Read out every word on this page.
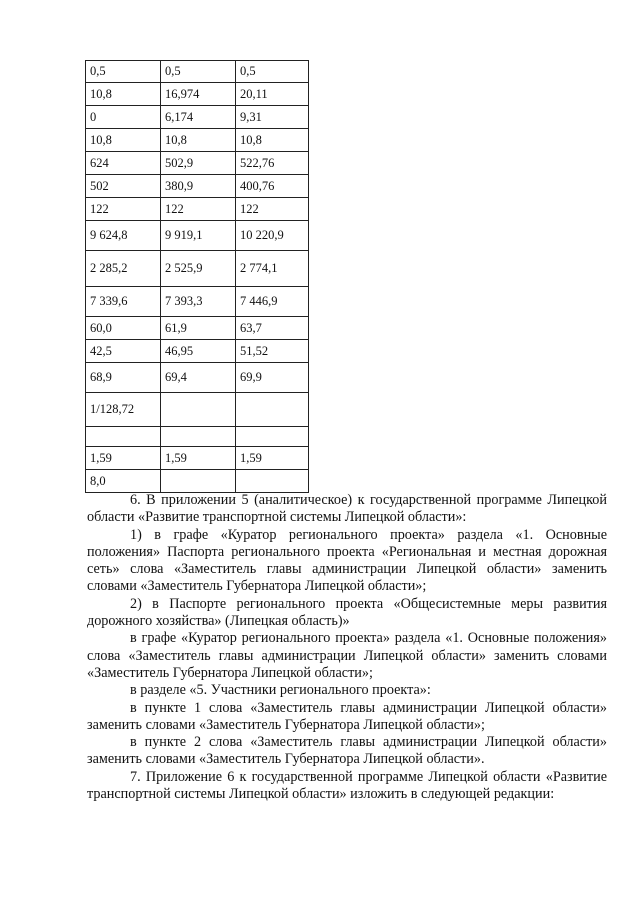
0,5	0,5	0,5
10,8	16,974	20,11
0	6,174	9,31
10,8	10,8	10,8
624	502,9	522,76
502	380,9	400,76
122	122	122
9 624,8	9 919,1	10 220,9
2 285,2	2 525,9	2 774,1
7 339,6	7 393,3	7 446,9
60,0	61,9	63,7
42,5	46,95	51,52
68,9	69,4	69,9
1/128,72		

1,59	1,59	1,59
8,0		

6. В приложении 5 (аналитическое) к государственной программе Липецкой области «Развитие транспортной системы Липецкой области»:

1) в графе «Куратор регионального проекта» раздела «1. Основные положения» Паспорта регионального проекта «Региональная и местная дорожная сеть» слова «Заместитель главы администрации Липецкой области» заменить словами «Заместитель Губернатора Липецкой области»;

2) в Паспорте регионального проекта «Общесистемные меры развития дорожного хозяйства» (Липецкая область)»

в графе «Куратор регионального проекта» раздела «1. Основные положения» слова «Заместитель главы администрации Липецкой области» заменить словами «Заместитель Губернатора Липецкой области»;

в разделе «5. Участники регионального проекта»:

в пункте 1 слова «Заместитель главы администрации Липецкой области» заменить словами «Заместитель Губернатора Липецкой области»;

в пункте 2 слова «Заместитель главы администрации Липецкой области» заменить словами «Заместитель Губернатора Липецкой области».

7. Приложение 6 к государственной программе Липецкой области «Развитие транспортной системы Липецкой области» изложить в следующей редакции:
